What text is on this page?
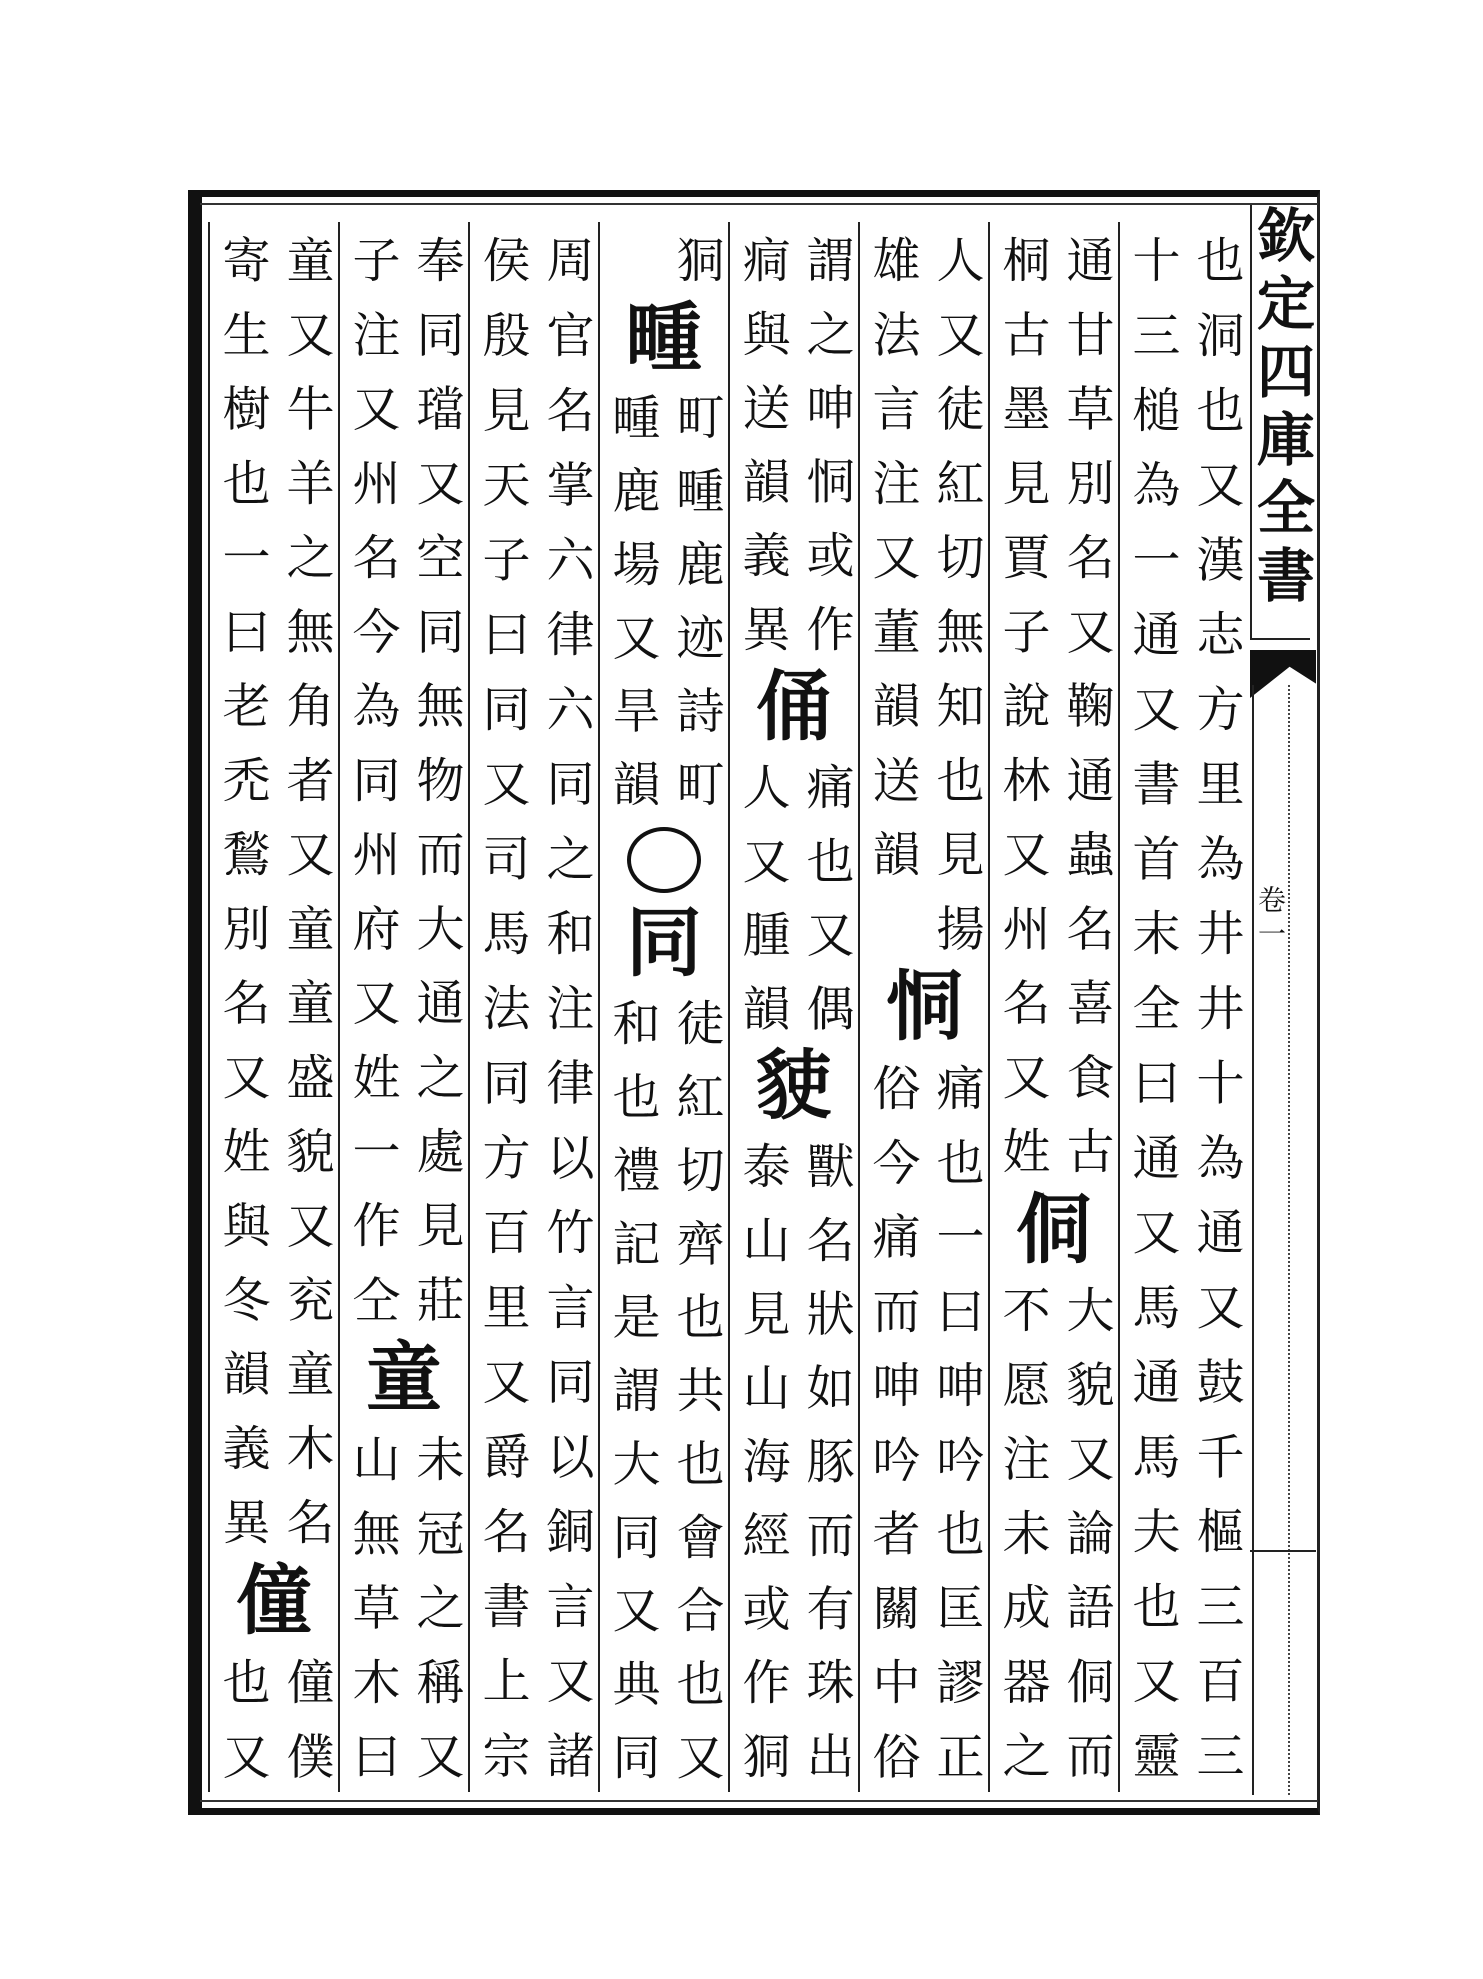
欽定四庫全書
卷一
也洞也又漢志方里為井井十為通又鼓千樞三百三
十三槌為一通又書首末全曰通又馬通馬夫也又靈
通甘草別名又鞠通蟲名喜食古
桐古墨見賈子說林又州名又姓
侗
大貌又論語侗而
不愿注未成器之
人又徒紅切無知也見揚
雄法言注又董韻送韻
恫
痛也一曰呻吟也匡謬正
俗今痛而呻吟者關中俗
謂之呻恫或作
痌與送韻義異
俑
痛也又偶
人又腫韻
𧳅
獸名狀如豚而有珠出
泰山見山海經或作狪
狪
畽
町畽鹿迹詩町
畽鹿場又旱韻
同
徒紅切齊也共也會合也又
和也禮記是謂大同又典同
周官名掌六律六同之和注律以竹言同以銅言又諸
侯殷見天子曰同又司馬法同方百里又爵名書上宗
奉同璫又空同無物而大通之處見莊
子注又州名今為同州府又姓一作仝
童
未冠之稱又
山無草木曰
童又牛羊之無角者又童童盛貌又兖童木名
寄生樹也一曰老禿鶖別名又姓與冬韻義異
僮
僮僕
也又
